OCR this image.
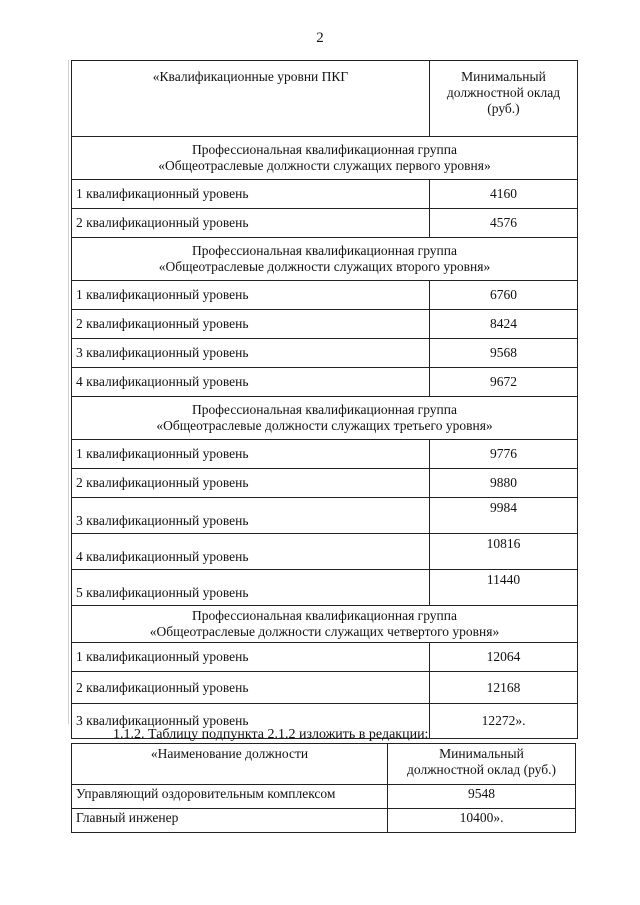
2
«Квалификационные уровни ПКГ	Минимальный
должностной оклад
(руб.)

Профессиональная квалификационная группа
«Общеотраслевые должности служащих первого уровня»	

1 квалификационный уровень	4160
2 квалификационный уровень	4576

Профессиональная квалификационная группа
«Общеотраслевые должности служащих второго уровня»	

1 квалификационный уровень	6760
2 квалификационный уровень	8424
3 квалификационный уровень	9568
4 квалификационный уровень	9672

Профессиональная квалификационная группа
«Общеотраслевые должности служащих третьего уровня»	

1 квалификационный уровень	9776
2 квалификационный уровень	9880
3 квалификационный уровень	9984
4 квалификационный уровень	10816
5 квалификационный уровень	11440

Профессиональная квалификационная группа
«Общеотраслевые должности служащих четвертого уровня»	

1 квалификационный уровень	12064
2 квалификационный уровень	12168
3 квалификационный уровень	12272».
1.1.2. Таблицу подпункта 2.1.2 изложить в редакции:
«Наименование должности	Минимальный
должностной оклад (руб.)

Управляющий оздоровительным комплексом	9548
Главный инженер	10400».
